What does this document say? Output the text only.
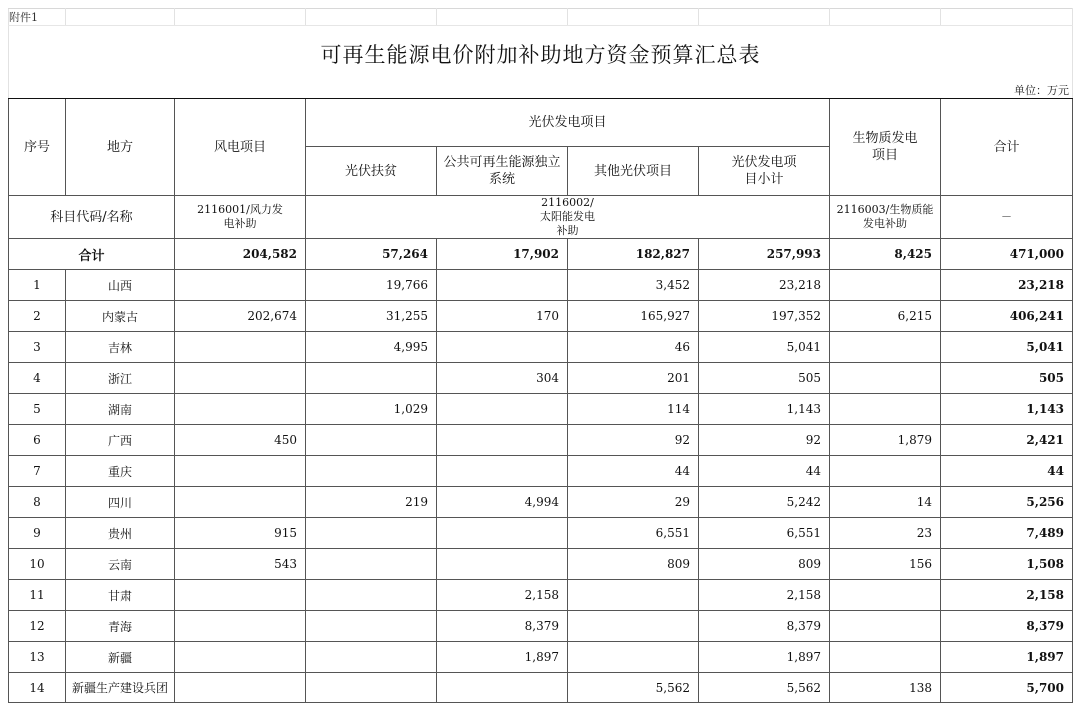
附件1								
可再生能源电价附加补助地方资金预算汇总表								
单位：万元								
序号	地方	风电项目	光伏发电项目				生物质发电项目	合计
			光伏扶贫	公共可再生能源独立系统	其他光伏项目	光伏发电项目小计		
科目代码/名称		2116001/风力发电补助	2116002/太阳能发电补助				2116003/生物质能发电补助	－
合计		204,582	57,264	17,902	182,827	257,993	8,425	471,000
1	山西		19,766		3,452	23,218		23,218
2	内蒙古	202,674	31,255	170	165,927	197,352	6,215	406,241
3	吉林		4,995		46	5,041		5,041
4	浙江			304	201	505		505
5	湖南		1,029		114	1,143		1,143
6	广西	450			92	92	1,879	2,421
7	重庆				44	44		44
8	四川		219	4,994	29	5,242	14	5,256
9	贵州	915			6,551	6,551	23	7,489
10	云南	543			809	809	156	1,508
11	甘肃			2,158		2,158		2,158
12	青海			8,379		8,379		8,379
13	新疆			1,897		1,897		1,897
14	新疆生产建设兵团				5,562	5,562	138	5,700
